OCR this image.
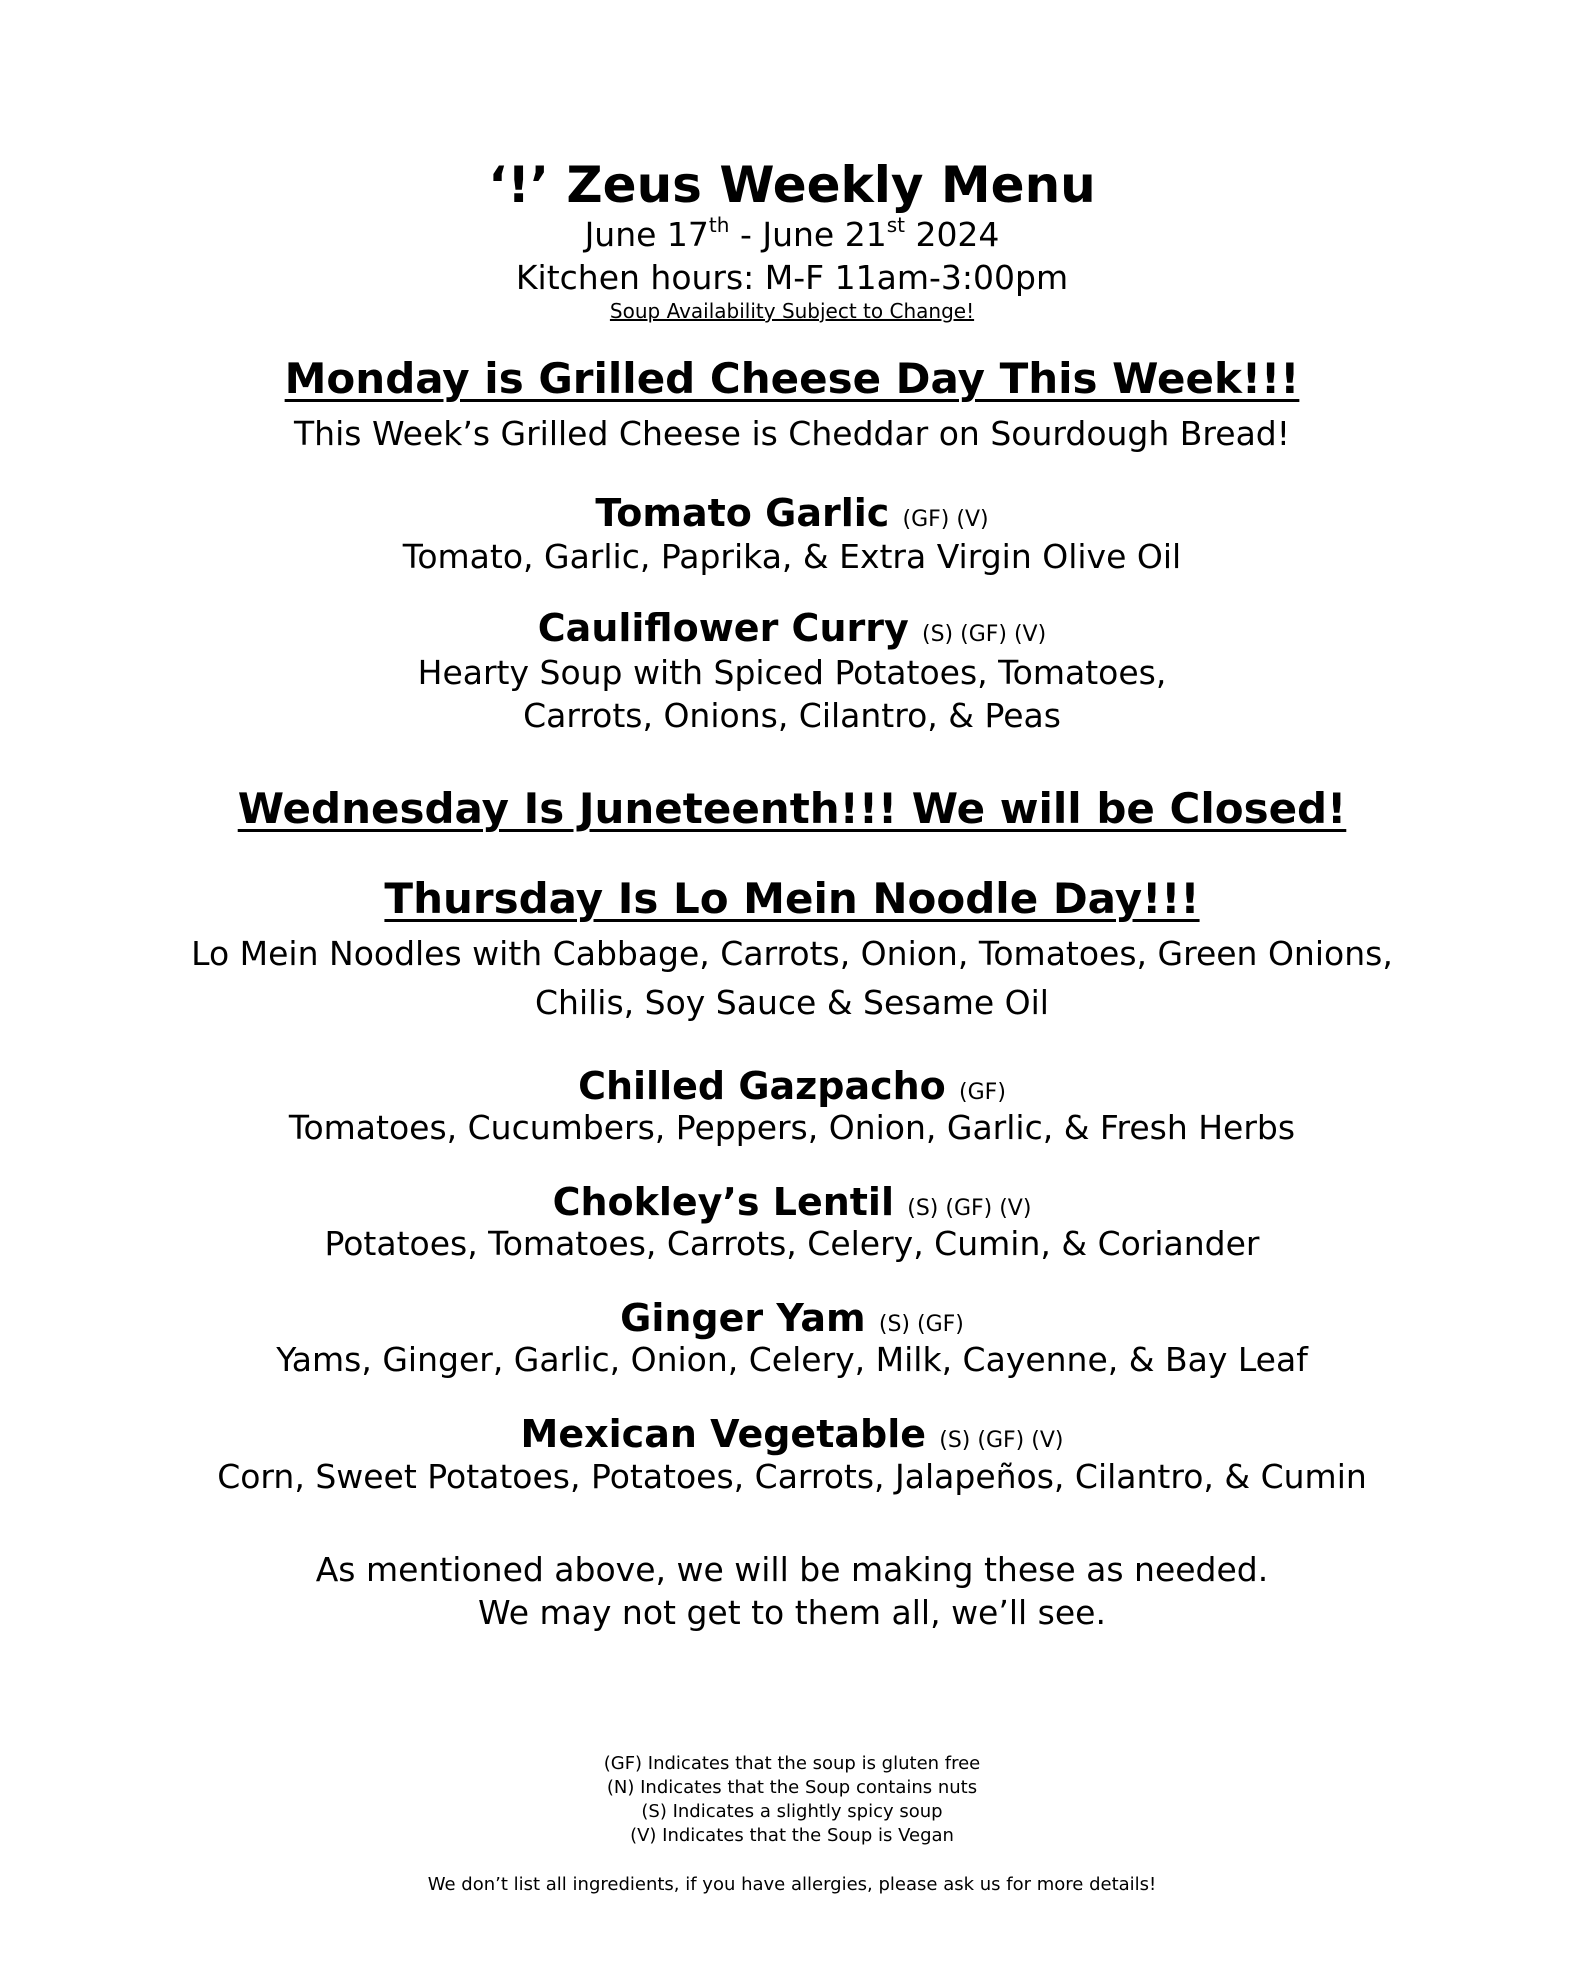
‘!’ Zeus Weekly Menu
June 17th - June 21st 2024
Kitchen hours: M-F 11am-3:00pm
Soup Availability Subject to Change!
Monday is Grilled Cheese Day This Week!!!
This Week’s Grilled Cheese is Cheddar on Sourdough Bread!
Tomato Garlic (GF) (V)
Tomato, Garlic, Paprika, & Extra Virgin Olive Oil
Cauliflower Curry (S) (GF) (V)
Hearty Soup with Spiced Potatoes, Tomatoes,
Carrots, Onions, Cilantro, & Peas
Wednesday Is Juneteenth!!! We will be Closed!
Thursday Is Lo Mein Noodle Day!!!
Lo Mein Noodles with Cabbage, Carrots, Onion, Tomatoes, Green Onions,
Chilis, Soy Sauce & Sesame Oil
Chilled Gazpacho (GF)
Tomatoes, Cucumbers, Peppers, Onion, Garlic, & Fresh Herbs
Chokley’s Lentil (S) (GF) (V)
Potatoes, Tomatoes, Carrots, Celery, Cumin, & Coriander
Ginger Yam (S) (GF)
Yams, Ginger, Garlic, Onion, Celery, Milk, Cayenne, & Bay Leaf
Mexican Vegetable (S) (GF) (V)
Corn, Sweet Potatoes, Potatoes, Carrots, Jalapeños, Cilantro, & Cumin
As mentioned above, we will be making these as needed.
We may not get to them all, we’ll see.
(GF) Indicates that the soup is gluten free
(N) Indicates that the Soup contains nuts
(S) Indicates a slightly spicy soup
(V) Indicates that the Soup is Vegan
We don’t list all ingredients, if you have allergies, please ask us for more details!
